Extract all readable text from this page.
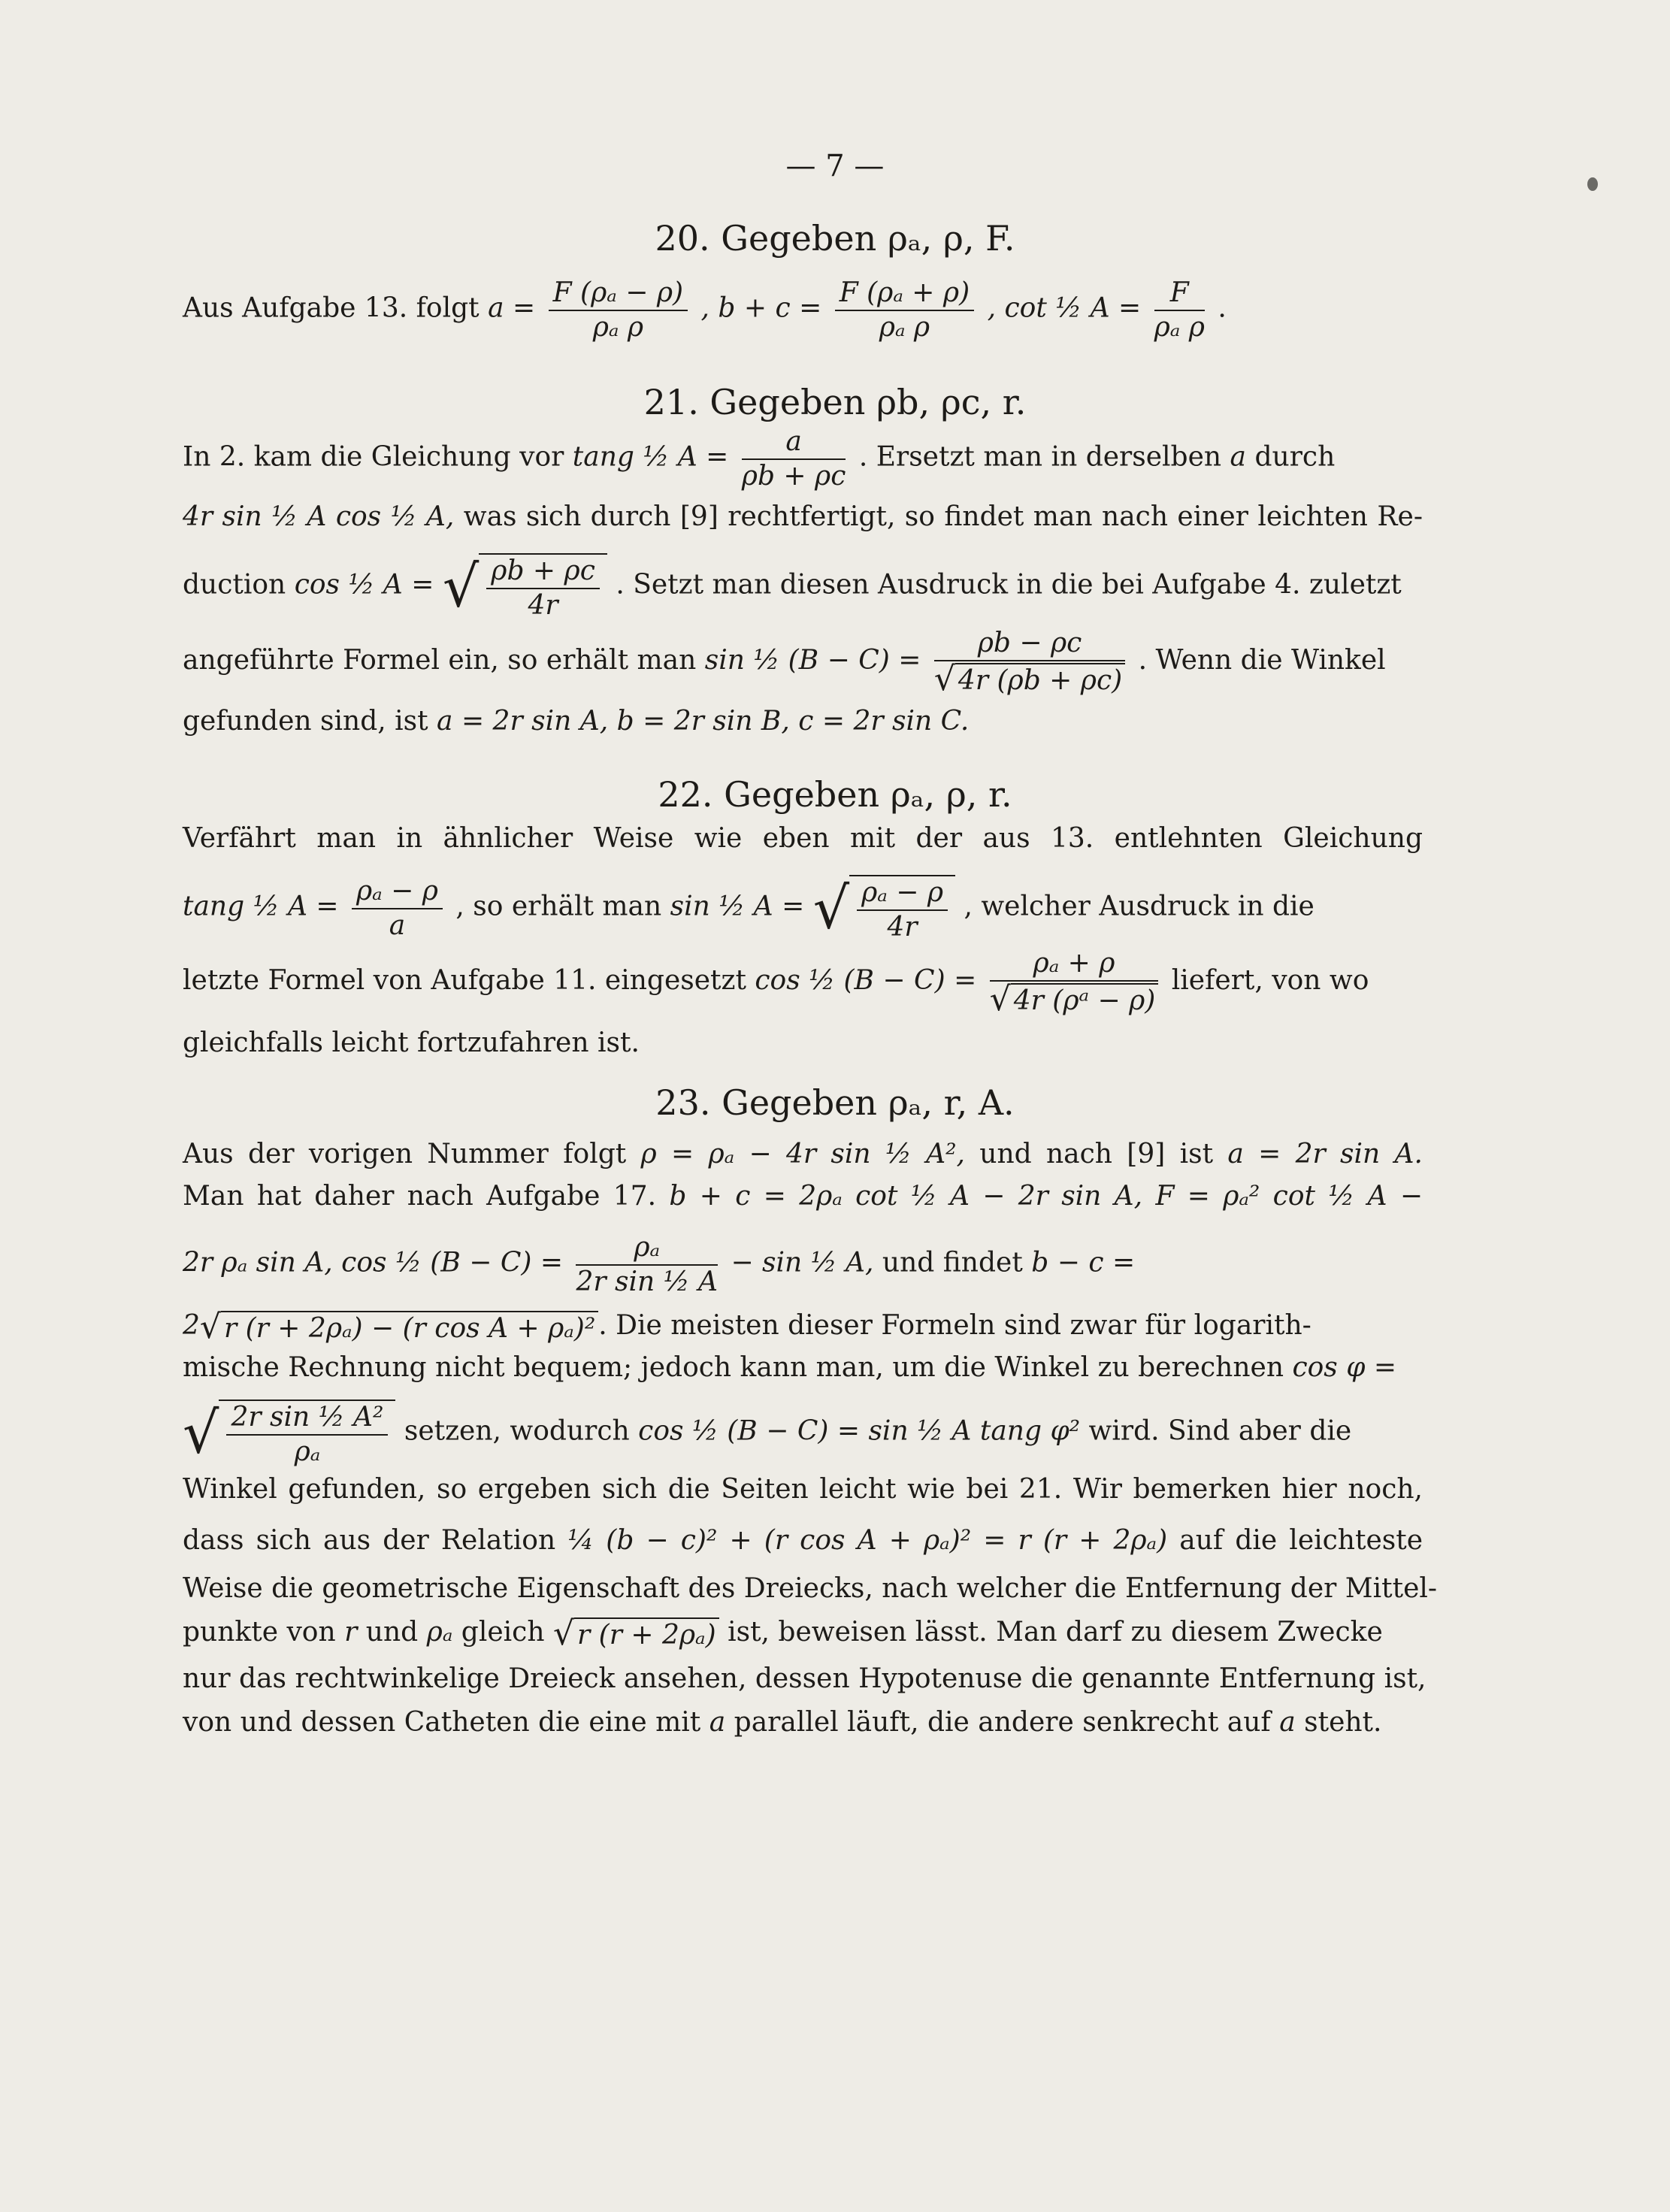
— 7 —
20. Gegeben ρₐ, ρ, F.
Aus Aufgabe 13. folgt $a = \frac{\text{F (ρₐ − ρ)}}{\text{ρₐ ρ}}$ , $b + c = \frac{\text{F (ρₐ + ρ)}}{\text{ρₐ ρ}}$ , cot ½ $A = \frac{F}{\text{ρₐ ρ}}$ .
21. Gegeben ρb, ρc, r.
In 2. kam die Gleichung vor tang ½ $A = \frac{a}{\rho b + \rho c}$ . Ersetzt man in derselben a durch
4r sin ½ A cos ½ A, was sich durch [9] rechtfertigt, so findet man nach einer leichten Re-
duction cos ½ A = √ $\frac{\rho b + \rho c}{4r}$ . Setzt man diesen Ausdruck in die bei Aufgabe 4. zuletzt
angeführte Formel ein, so erhält man sin ½ $(B - C) = \frac{\rho b - \rho c}{√ 4r (\rho b + \rho c)}$ . Wenn die Winkel
gefunden sind, ist a = 2r sin A, b = 2r sin B, c = 2r sin C.
22. Gegeben ρₐ, ρ, r.
Verfährt man in ähnlicher Weise wie eben mit der aus 13. entlehnten Gleichung
tang ½ $A = \frac{\text{ρₐ − ρ}}{a}$ , so erhält man sin ½ A = √ $\frac{\text{ρₐ − ρ}}{4r}$ , welcher Ausdruck in die
letzte Formel von Aufgabe 11. eingesetzt cos ½ $(B - C) = \frac{\text{ρₐ + ρ}}{\text{√ 4r (ρᵃ − ρ)}}$ liefert, von wo
gleichfalls leicht fortzufahren ist.
23. Gegeben ρₐ, r, A.
Aus der vorigen Nummer folgt ρ = ρₐ − 4r sin ½ A², und nach [9] ist a = 2r sin A.
Man hat daher nach Aufgabe 17. b + c = 2ρₐ cot ½ A − 2r sin A, F = ρₐ² cot ½ A −
2r ρₐ sin A, cos ½ $(B - C) = \frac{\text{ρₐ}}{\text{2r sin ½ A}} - \sin$ ½ A, und findet b − c =
2√ r (r + 2ρₐ) − (r cos A + ρₐ)² . Die meisten dieser Formeln sind zwar für logarith-
mische Rechnung nicht bequem; jedoch kann man, um die Winkel zu berechnen cos φ =
√ $\frac{\text{2r sin ½ A²}}{\text{ρₐ}}$ setzen, wodurch cos ½ (B − C) = sin ½ A tang φ² wird. Sind aber die
Winkel gefunden, so ergeben sich die Seiten leicht wie bei 21. Wir bemerken hier noch,
dass sich aus der Relation ¼ (b − c)² + (r cos A + ρₐ)² = r (r + 2ρₐ) auf die leichteste
Weise die geometrische Eigenschaft des Dreiecks, nach welcher die Entfernung der Mittel-
punkte von r und ρₐ gleich √ r (r + 2ρₐ) ist, beweisen lässt. Man darf zu diesem Zwecke
nur das rechtwinkelige Dreieck ansehen, dessen Hypotenuse die genannte Entfernung ist,
von und dessen Catheten die eine mit a parallel läuft, die andere senkrecht auf a steht.
